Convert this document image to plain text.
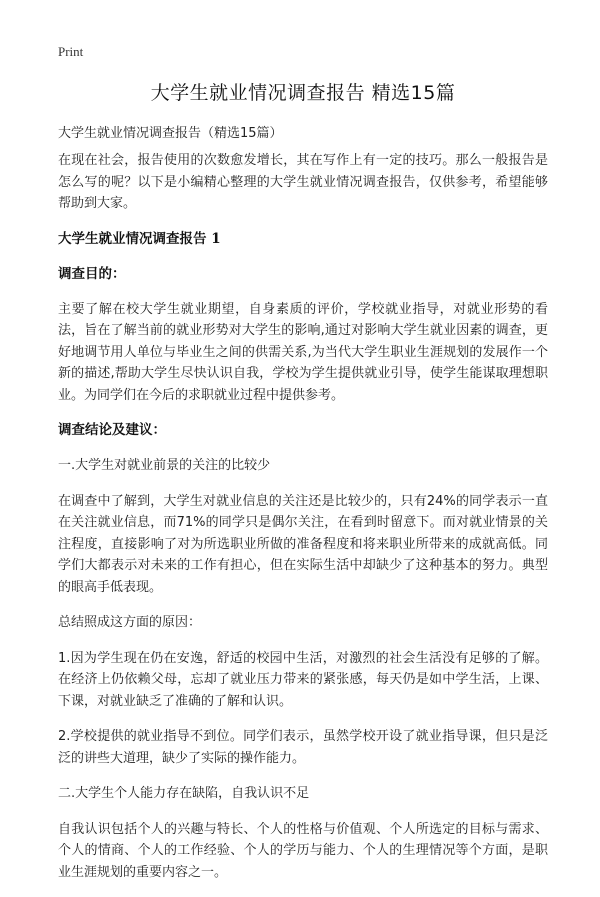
Print
大学生就业情况调查报告 精选15篇

大学生就业情况调查报告（精选15篇）

在现在社会，报告使用的次数愈发增长，其在写作上有一定的技巧。那么一般报告是怎么写的呢？以下是小编精心整理的大学生就业情况调查报告，仅供参考，希望能够帮助到大家。

大学生就业情况调查报告 1
调查目的：

主要了解在校大学生就业期望，自身素质的评价，学校就业指导，对就业形势的看法，旨在了解当前的就业形势对大学生的影响,通过对影响大学生就业因素的调查，更好地调节用人单位与毕业生之间的供需关系,为当代大学生职业生涯规划的发展作一个新的描述,帮助大学生尽快认识自我，学校为学生提供就业引导，使学生能谋取理想职业。为同学们在今后的求职就业过程中提供参考。

调查结论及建议：

一.大学生对就业前景的关注的比较少

在调查中了解到，大学生对就业信息的关注还是比较少的，只有24%的同学表示一直在关注就业信息，而71%的同学只是偶尔关注，在看到时留意下。而对就业情景的关注程度，直接影响了对为所选职业所做的准备程度和将来职业所带来的成就高低。同学们大都表示对未来的工作有担心，但在实际生活中却缺少了这种基本的努力。典型的眼高手低表现。

总结照成这方面的原因：

1.因为学生现在仍在安逸，舒适的校园中生活，对激烈的社会生活没有足够的了解。在经济上仍依赖父母，忘却了就业压力带来的紧张感，每天仍是如中学生活，上课、下课，对就业缺乏了准确的了解和认识。

2.学校提供的就业指导不到位。同学们表示，虽然学校开设了就业指导课，但只是泛泛的讲些大道理，缺少了实际的操作能力。

二.大学生个人能力存在缺陷，自我认识不足

自我认识包括个人的兴趣与特长、个人的性格与价值观、个人所选定的目标与需求、个人的情商、个人的工作经验、个人的学历与能力、个人的生理情况等个方面，是职业生涯规划的重要内容之一。
